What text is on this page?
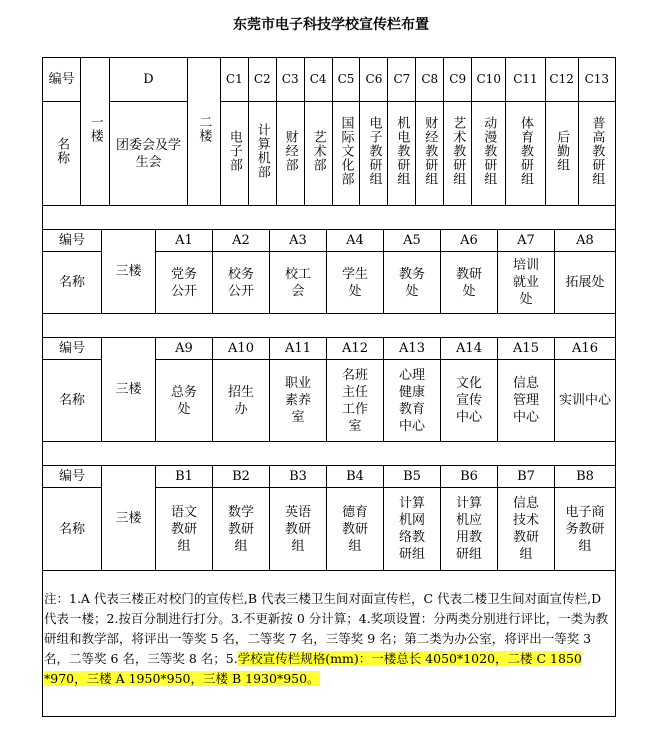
东莞市电子科技学校宣传栏布置
编号	一楼	D	二楼	C1	C2	C3	C4	C5	C6	C7	C8	C9	C10	C11	C12	C13
名称		团委会及学生会		电子部	计算机部	财经部	艺术部	国际文化部	电子教研组	机电教研组	财经教研组	艺术教研组	动漫教研组	体育教研组	后勤组	普高教研组
编号	三楼	A1	A2	A3	A4	A5	A6	A7	A8
名称		党务公开	校务公开	校工会	学生处	教务处	教研处	培训就业处	拓展处
编号	三楼	A9	A10	A11	A12	A13	A14	A15	A16
名称		总务处	招生办	职业素养室	名班主任工作室	心理健康教育中心	文化宣传中心	信息管理中心	实训中心
编号	三楼	B1	B2	B3	B4	B5	B6	B7	B8
名称		语文教研组	数学教研组	英语教研组	德育教研组	计算机网络教研组	计算机应用教研组	信息技术教研组	电子商务教研组
注：1.A 代表三楼正对校门的宣传栏,B 代表三楼卫生间对面宣传栏，C 代表二楼卫生间对面宣传栏,D 代表一楼；2.按百分制进行打分。3.不更新按 0 分计算；4.奖项设置：分两类分别进行评比，一类为教研组和教学部，将评出一等奖 5 名，二等奖 7 名，三等奖 9 名；第二类为办公室，将评出一等奖 3 名，二等奖 6 名，三等奖 8 名；5.学校宣传栏规格(mm)：一楼总长 4050*1020，二楼 C 1850 *970，三楼 A 1950*950，三楼 B 1930*950。
